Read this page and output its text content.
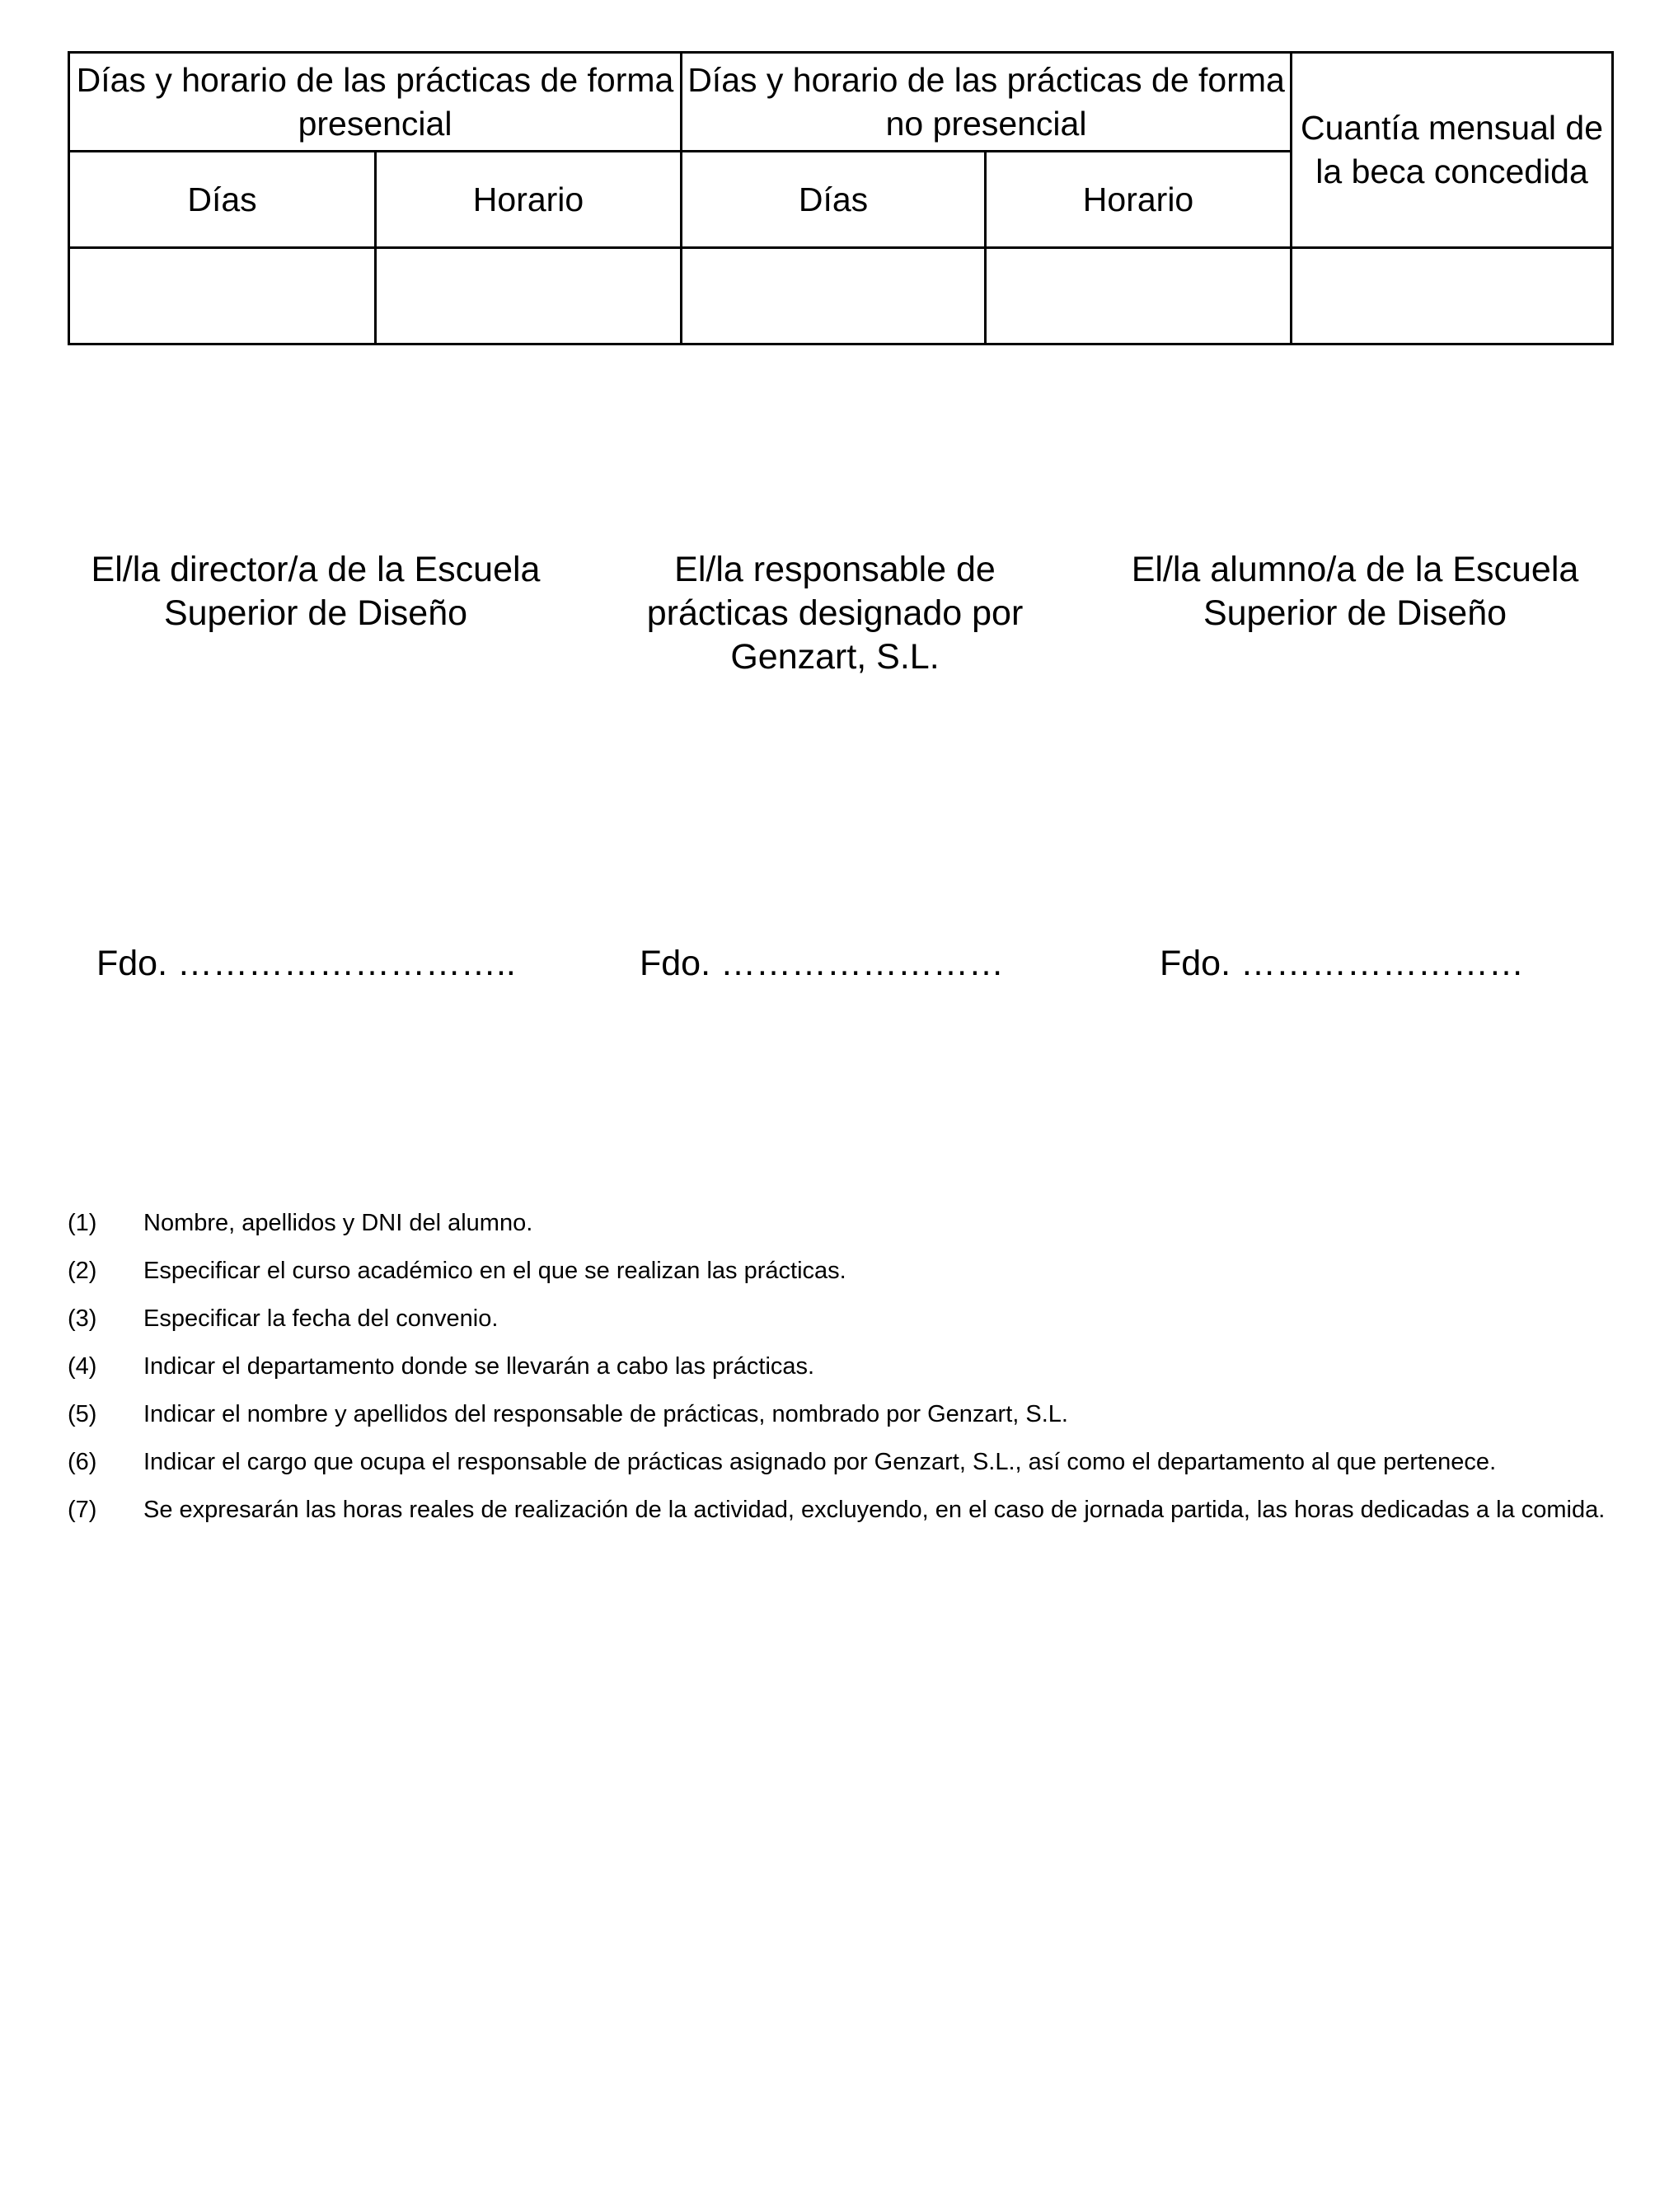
Días y horario de las prácticas de forma presencial		Días y horario de las prácticas de forma no presencial		Cuantía mensual de la beca concedida
Días	Horario	Días	Horario	

El/la director/a de la Escuela Superior de Diseño
El/la responsable de prácticas designado por Genzart, S.L.
El/la alumno/a de la Escuela Superior de Diseño
Fdo. ………………………..	Fdo. ……………………	Fdo. ……………………
(1)	Nombre, apellidos y DNI del alumno.
(2)	Especificar el curso académico en el que se realizan las prácticas.
(3)	Especificar la fecha del convenio.
(4)	Indicar el departamento donde se llevarán a cabo las prácticas.
(5)	Indicar el nombre y apellidos del responsable de prácticas, nombrado por Genzart, S.L.
(6)	Indicar el cargo que ocupa el responsable de prácticas asignado por Genzart, S.L., así como el departamento al que pertenece.
(7)	Se expresarán las horas reales de realización de la actividad, excluyendo, en el caso de jornada partida, las horas dedicadas a la comida.
